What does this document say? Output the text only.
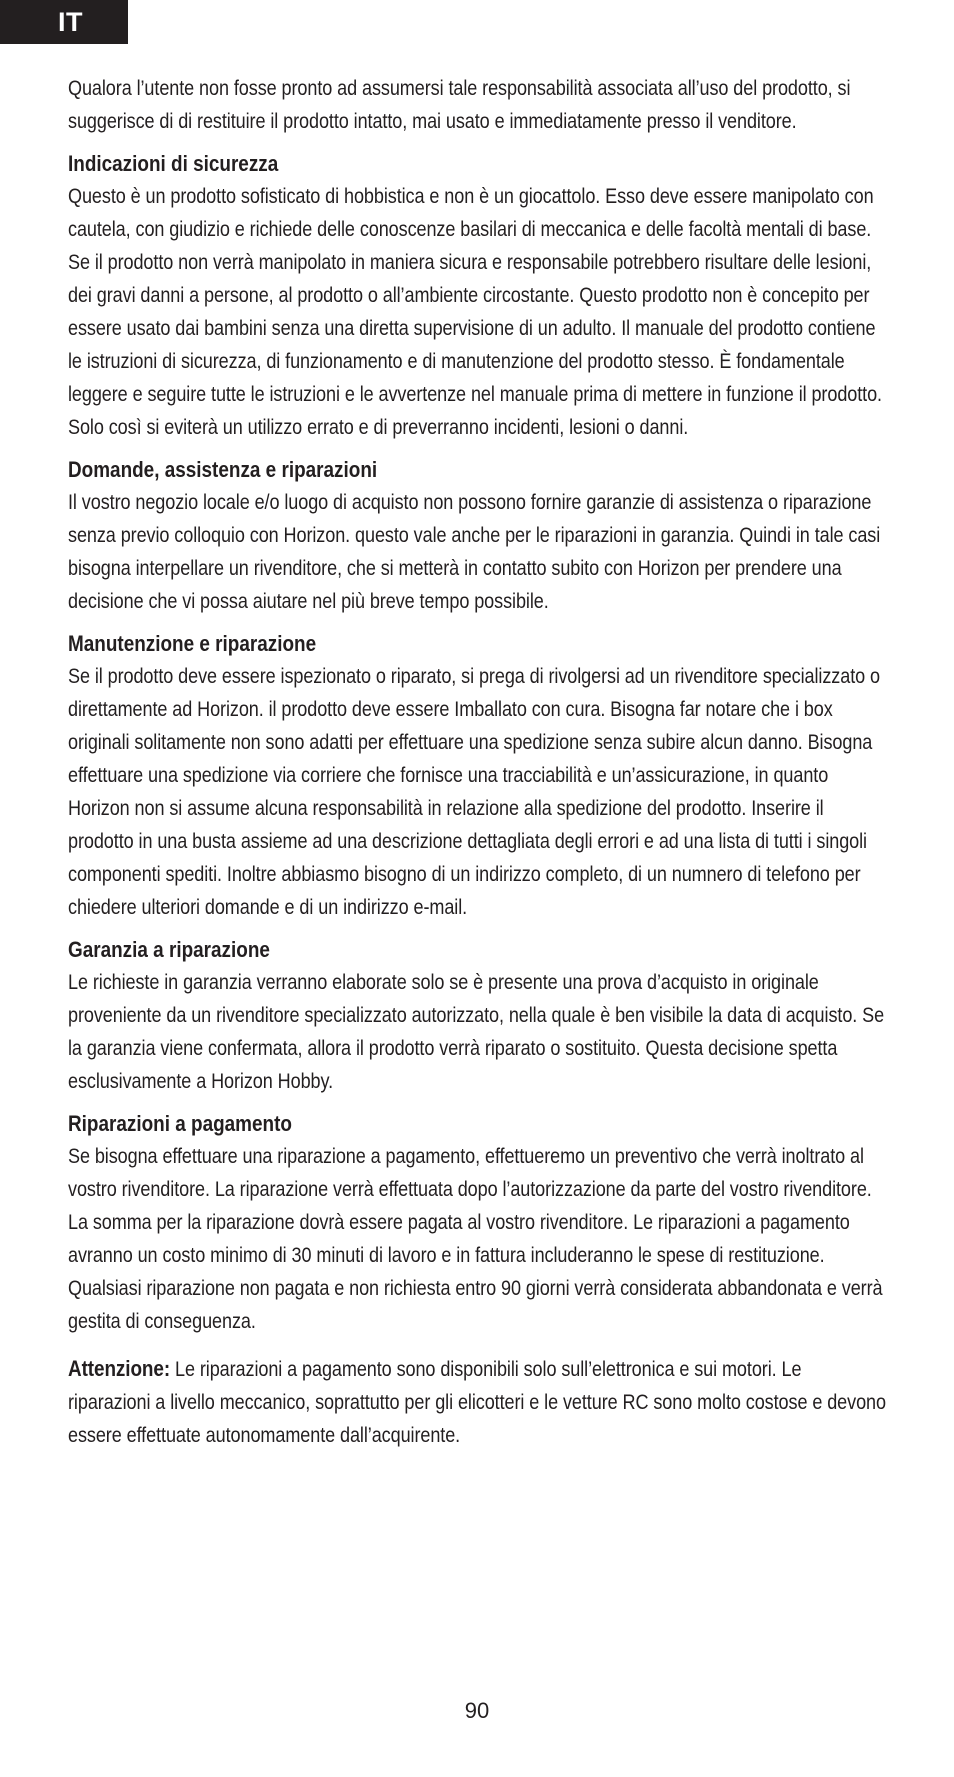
IT

Qualora l’utente non fosse pronto ad assumersi tale responsabilità associata all’uso del prodotto, si suggerisce di di restituire il prodotto intatto, mai usato e immediatamente presso il venditore.

Indicazioni di sicurezza

Questo è un prodotto sofisticato di hobbistica e non è un giocattolo. Esso deve essere manipolato con cautela, con giudizio e richiede delle conoscenze basilari di meccanica e delle facoltà mentali di base. Se il prodotto non verrà manipolato in maniera sicura e responsabile potrebbero risultare delle lesioni, dei gravi danni a persone, al prodotto o all’ambiente circostante. Questo prodotto non è concepito per essere usato dai bambini senza una diretta supervisione di un adulto. Il manuale del prodotto contiene le istruzioni di sicurezza, di funzionamento e di manutenzione del prodotto stesso. È fondamentale leggere e seguire tutte le istruzioni e le avvertenze nel manuale prima di mettere in funzione il prodotto. Solo così si eviterà un utilizzo errato e di preverranno incidenti, lesioni o danni.

Domande, assistenza e riparazioni

Il vostro negozio locale e/o luogo di acquisto non possono fornire garanzie di assistenza o riparazione senza previo colloquio con Horizon. questo vale anche per le riparazioni in garanzia. Quindi in tale casi bisogna interpellare un rivenditore, che si metterà in contatto subito con Horizon per prendere una decisione che vi possa aiutare nel più breve tempo possibile.

Manutenzione e riparazione

Se il prodotto deve essere ispezionato o riparato, si prega di rivolgersi ad un rivenditore specializzato o direttamente ad Horizon. il prodotto deve essere Imballato con cura. Bisogna far notare che i box originali solitamente non sono adatti per effettuare una spedizione senza subire alcun danno. Bisogna effettuare una spedizione via corriere che fornisce una tracciabilità e un’assicurazione, in quanto Horizon non si assume alcuna responsabilità in relazione alla spedizione del prodotto. Inserire il prodotto in una busta assieme ad una descrizione dettagliata degli errori e ad una lista di tutti i singoli componenti spediti. Inoltre abbiasmo bisogno di un indirizzo completo, di un numnero di telefono per chiedere ulteriori domande e di un indirizzo e-mail.

Garanzia a riparazione

Le richieste in garanzia verranno elaborate solo se è presente una prova d’acquisto in originale proveniente da un rivenditore specializzato autorizzato, nella quale è ben visibile la data di acquisto. Se la garanzia viene confermata, allora il prodotto verrà riparato o sostituito. Questa decisione spetta esclusivamente a Horizon Hobby.

Riparazioni a pagamento

Se bisogna effettuare una riparazione a pagamento, effettueremo un preventivo che verrà inoltrato al vostro rivenditore. La riparazione verrà effettuata dopo l’autorizzazione da parte del vostro rivenditore. La somma per la riparazione dovrà essere pagata al vostro rivenditore. Le riparazioni a pagamento avranno un costo minimo di 30 minuti di lavoro e in fattura includeranno le spese di restituzione. Qualsiasi riparazione non pagata e non richiesta entro 90 giorni verrà considerata abbandonata e verrà gestita di conseguenza.

Attenzione: Le riparazioni a pagamento sono disponibili solo sull’elettronica e sui motori. Le riparazioni a livello meccanico, soprattutto per gli elicotteri e le vetture RC sono molto costose e devono essere effettuate autonomamente dall’acquirente.

90
